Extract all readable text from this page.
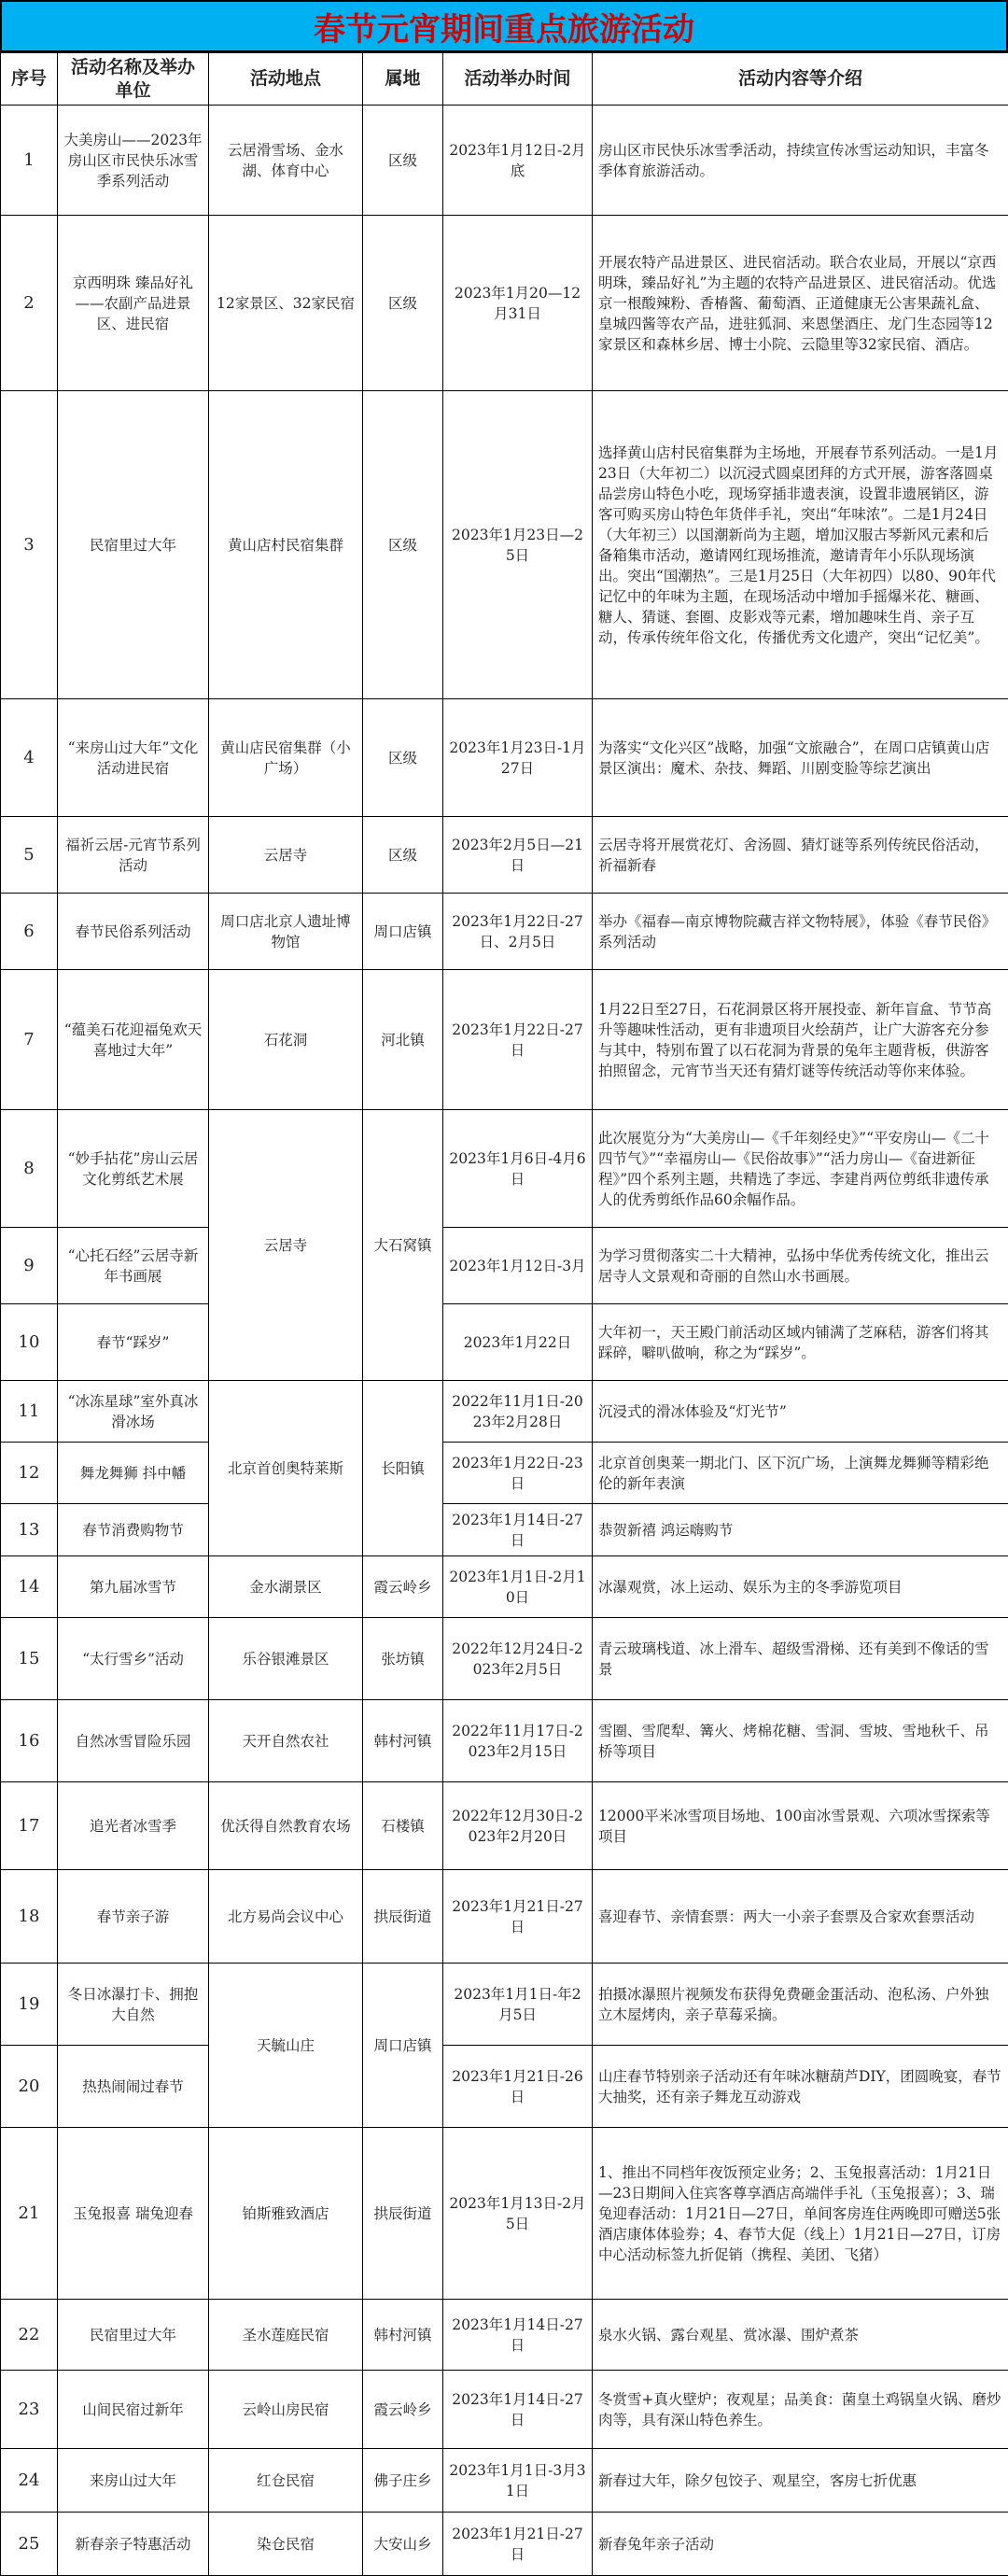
春节元宵期间重点旅游活动
序号	活动名称及举办单位	活动地点	属地	活动举办时间	活动内容等介绍
1	大美房山——2023年房山区市民快乐冰雪季系列活动	云居滑雪场、金水湖、体育中心	区级	2023年1月12日-2月底	房山区市民快乐冰雪季活动，持续宣传冰雪运动知识，丰富冬季体育旅游活动。
2	京西明珠 臻品好礼——农副产品进景区、进民宿	12家景区、32家民宿	区级	2023年1月20—12月31日	开展农特产品进景区、进民宿活动。联合农业局，开展以“京西明珠，臻品好礼”为主题的农特产品进景区、进民宿活动。优选京一根酸辣粉、香椿酱、葡萄酒、正道健康无公害果蔬礼盒、皇城四酱等农产品，进驻狐洞、来恩堡酒庄、龙门生态园等12家景区和森林乡居、博士小院、云隐里等32家民宿、酒店。
3	民宿里过大年	黄山店村民宿集群	区级	2023年1月23日—25日	选择黄山店村民宿集群为主场地，开展春节系列活动。一是1月23日（大年初二）以沉浸式圆桌团拜的方式开展，游客落圆桌品尝房山特色小吃，现场穿插非遗表演，设置非遗展销区，游客可购买房山特色年货伴手礼，突出“年味浓”。二是1月24日（大年初三）以国潮新尚为主题，增加汉服古琴新风元素和后备箱集市活动，邀请网红现场推流，邀请青年小乐队现场演出。突出“国潮热”。三是1月25日（大年初四）以80、90年代记忆中的年味为主题，在现场活动中增加手摇爆米花、糖画、糖人、猜谜、套圈、皮影戏等元素，增加趣味生肖、亲子互动，传承传统年俗文化，传播优秀文化遗产，突出“记忆美”。
4	“来房山过大年”文化活动进民宿	黄山店民宿集群（小广场）	区级	2023年1月23日-1月27日	为落实“文化兴区”战略，加强“文旅融合”，在周口店镇黄山店景区演出：魔术、杂技、舞蹈、川剧变脸等综艺演出
5	福祈云居-元宵节系列活动	云居寺	区级	2023年2月5日—21日	云居寺将开展赏花灯、舍汤圆、猜灯谜等系列传统民俗活动，祈福新春
6	春节民俗系列活动	周口店北京人遗址博物馆	周口店镇	2023年1月22日-27日、2月5日	举办《福春—南京博物院藏吉祥文物特展》，体验《春节民俗》系列活动
7	“蕴美石花迎福兔欢天喜地过大年”	石花洞	河北镇	2023年1月22日-27日	1月22日至27日，石花洞景区将开展投壶、新年盲盒、节节高升等趣味性活动，更有非遗项目火绘葫芦，让广大游客充分参与其中，特别布置了以石花洞为背景的兔年主题背板，供游客拍照留念，元宵节当天还有猜灯谜等传统活动等你来体验。
8	“妙手拈花”房山云居文化剪纸艺术展	云居寺	大石窝镇	2023年1月6日-4月6日	此次展览分为“大美房山—《千年刻经史》”“平安房山—《二十四节气》”“幸福房山—《民俗故事》”“活力房山—《奋进新征程》”四个系列主题，共精选了李远、李建肖两位剪纸非遗传承人的优秀剪纸作品60余幅作品。
9	“心托石经”云居寺新年书画展			2023年1月12日-3月	为学习贯彻落实二十大精神，弘扬中华优秀传统文化，推出云居寺人文景观和奇丽的自然山水书画展。
10	春节“踩岁”			2023年1月22日	大年初一，天王殿门前活动区域内铺满了芝麻秸，游客们将其踩碎，噼叭做响，称之为“踩岁”。
11	“冰冻星球”室外真冰滑冰场	北京首创奥特莱斯	长阳镇	2022年11月1日-2023年2月28日	沉浸式的滑冰体验及“灯光节”
12	舞龙舞狮 抖中幡			2023年1月22日-23日	北京首创奥莱一期北门、区下沉广场，上演舞龙舞狮等精彩绝伦的新年表演
13	春节消费购物节			2023年1月14日-27日	恭贺新禧 鸿运嗨购节
14	第九届冰雪节	金水湖景区	霞云岭乡	2023年1月1日-2月10日	冰瀑观赏，冰上运动、娱乐为主的冬季游览项目
15	“太行雪乡”活动	乐谷银滩景区	张坊镇	2022年12月24日-2023年2月5日	青云玻璃栈道、冰上滑车、超级雪滑梯、还有美到不像话的雪景
16	自然冰雪冒险乐园	天开自然农社	韩村河镇	2022年11月17日-2023年2月15日	雪圈、雪爬犁、篝火、烤棉花糖、雪洞、雪坡、雪地秋千、吊桥等项目
17	追光者冰雪季	优沃得自然教育农场	石楼镇	2022年12月30日-2023年2月20日	12000平米冰雪项目场地、100亩冰雪景观、六项冰雪探索等项目
18	春节亲子游	北方易尚会议中心	拱辰街道	2023年1月21日-27日	喜迎春节、亲情套票：两大一小亲子套票及合家欢套票活动
19	冬日冰瀑打卡、拥抱大自然	天毓山庄	周口店镇	2023年1月1日-年2月5日	拍摄冰瀑照片视频发布获得免费砸金蛋活动、泡私汤、户外独立木屋烤肉，亲子草莓采摘。
20	热热闹闹过春节			2023年1月21日-26日	山庄春节特别亲子活动还有年味冰糖葫芦DIY，团圆晚宴，春节大抽奖，还有亲子舞龙互动游戏
21	玉兔报喜 瑞兔迎春	铂斯雅致酒店	拱辰街道	2023年1月13日-2月5日	1、推出不同档年夜饭预定业务；2、玉兔报喜活动：1月21日—23日期间入住宾客尊享酒店高端伴手礼（玉兔报喜）；3、瑞兔迎春活动：1月21日—27日，单间客房连住两晚即可赠送5张酒店康体体验券；4、春节大促（线上）1月21日—27日，订房中心活动标签九折促销（携程、美团、飞猪）
22	民宿里过大年	圣水莲庭民宿	韩村河镇	2023年1月14日-27日	泉水火锅、露台观星、赏冰瀑、围炉煮茶
23	山间民宿过新年	云岭山房民宿	霞云岭乡	2023年1月14日-27日	冬赏雪+真火壁炉；夜观星；品美食：菌皇土鸡锅皇火锅、磨炒肉等，具有深山特色养生。
24	来房山过大年	红仓民宿	佛子庄乡	2023年1月1日-3月31日	新春过大年，除夕包饺子、观星空，客房七折优惠
25	新春亲子特惠活动	染仓民宿	大安山乡	2023年1月21日-27日	新春兔年亲子活动
